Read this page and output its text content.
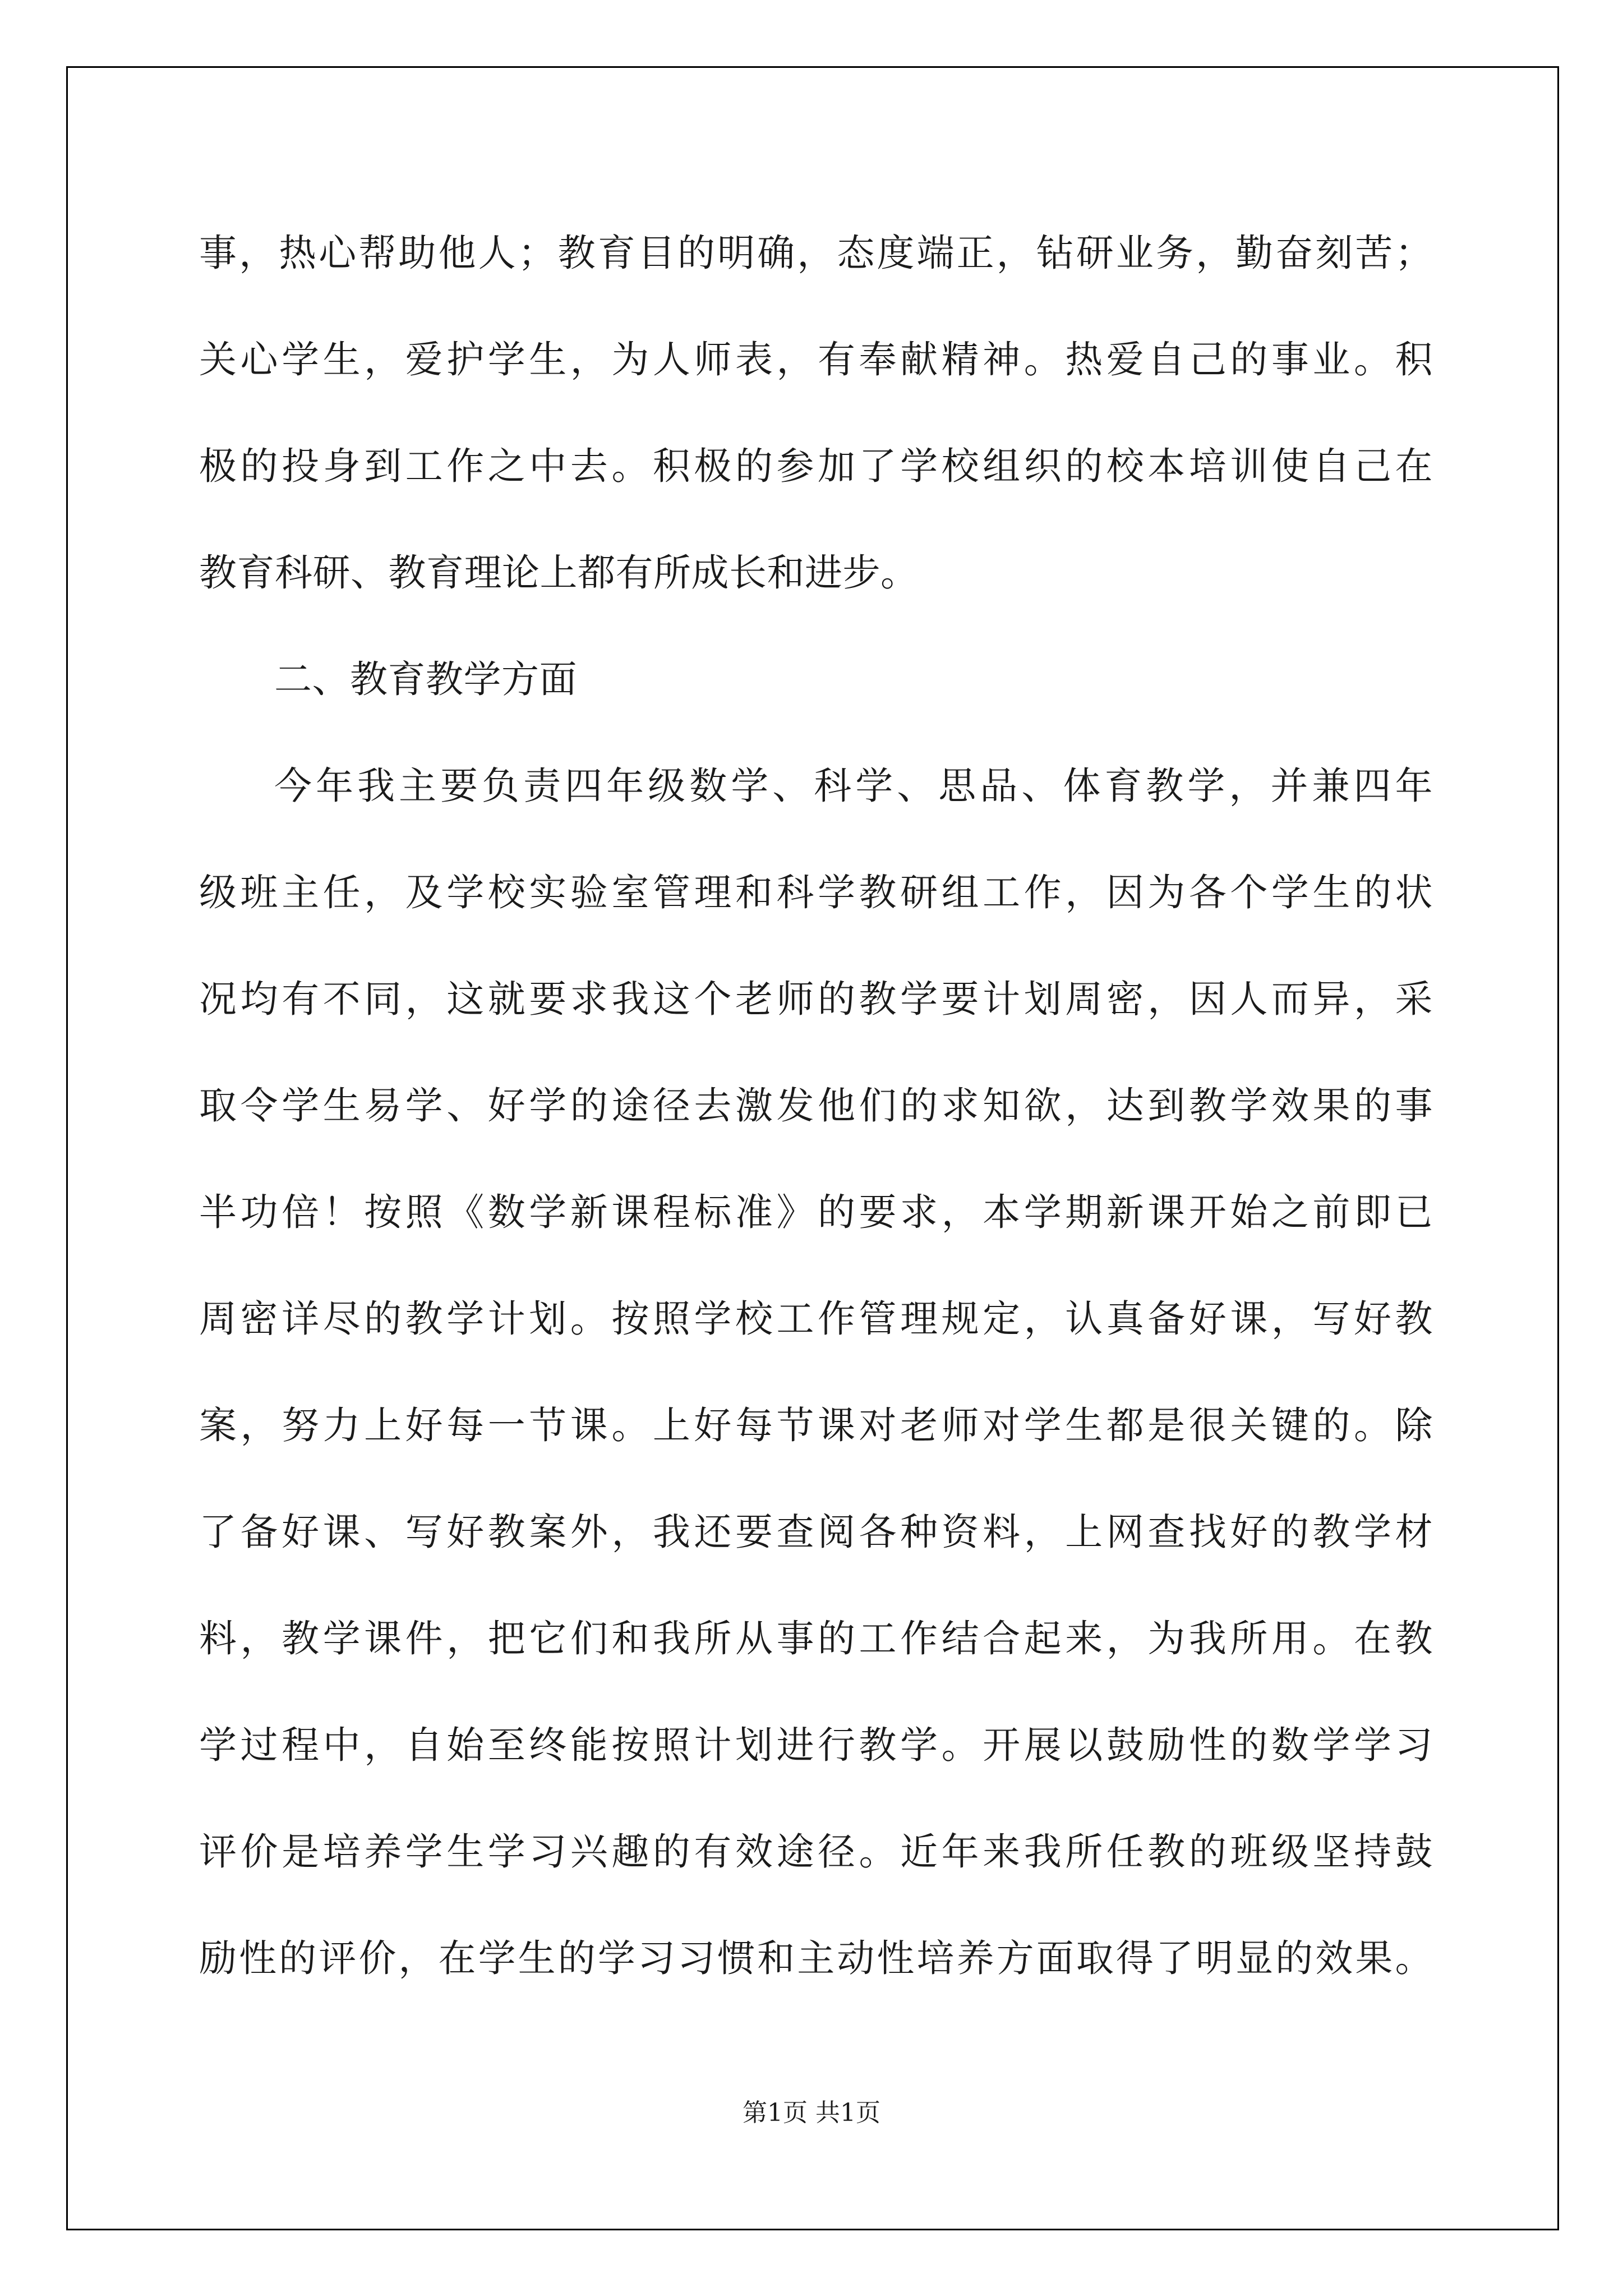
事，热心帮助他人；教育目的明确，态度端正，钻研业务，勤奋刻苦；
关心学生，爱护学生，为人师表，有奉献精神。热爱自己的事业。积
极的投身到工作之中去。积极的参加了学校组织的校本培训使自己在
教育科研、教育理论上都有所成长和进步。
二、教育教学方面
今年我主要负责四年级数学、科学、思品、体育教学，并兼四年
级班主任，及学校实验室管理和科学教研组工作，因为各个学生的状
况均有不同，这就要求我这个老师的教学要计划周密，因人而异，采
取令学生易学、好学的途径去激发他们的求知欲，达到教学效果的事
半功倍！按照《数学新课程标准》的要求，本学期新课开始之前即已
周密详尽的教学计划。按照学校工作管理规定，认真备好课，写好教
案，努力上好每一节课。上好每节课对老师对学生都是很关键的。除
了备好课、写好教案外，我还要查阅各种资料，上网查找好的教学材
料，教学课件，把它们和我所从事的工作结合起来，为我所用。在教
学过程中，自始至终能按照计划进行教学。开展以鼓励性的数学学习
评价是培养学生学习兴趣的有效途径。近年来我所任教的班级坚持鼓
励性的评价，在学生的学习习惯和主动性培养方面取得了明显的效果。
第1页 共1页
